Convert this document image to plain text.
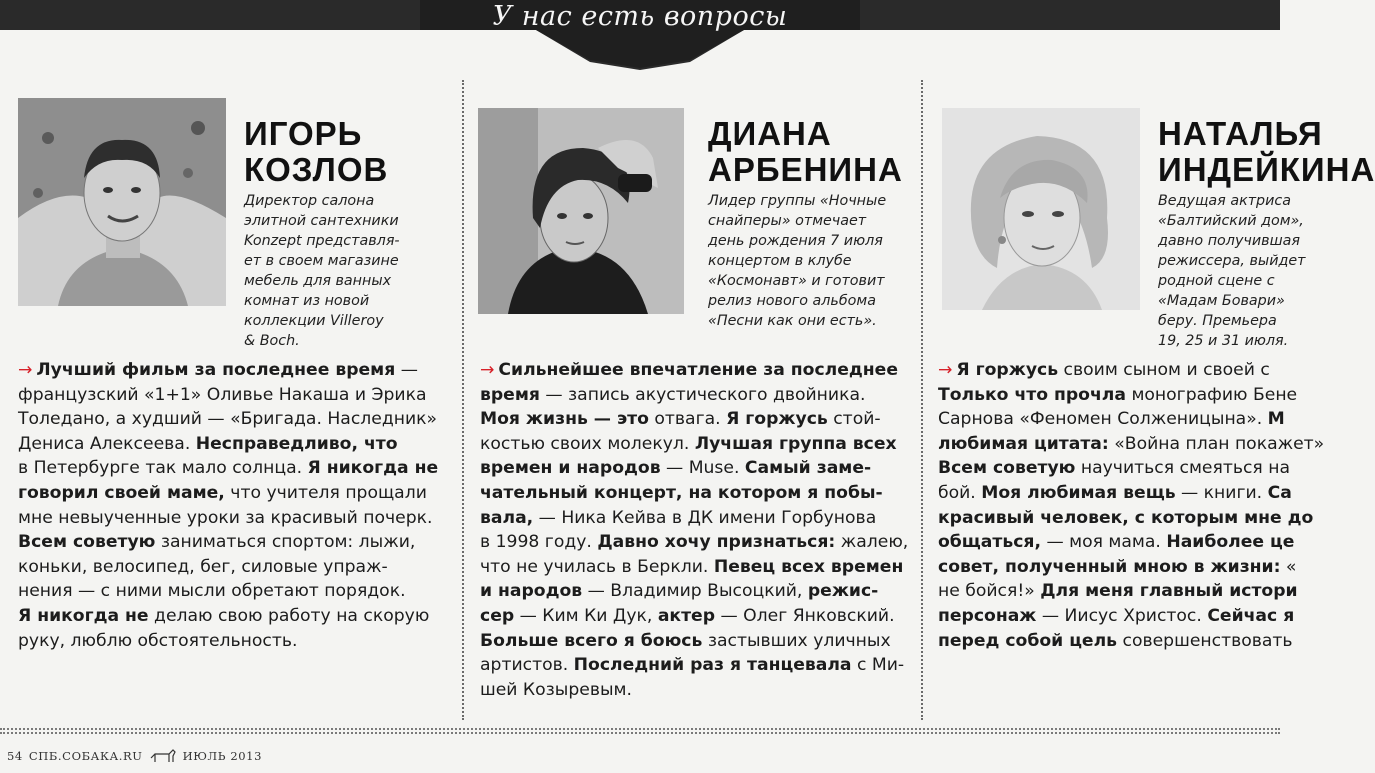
У нас есть вопросы
ИГОРЬ
КОЗЛОВ
Директор салона
элитной сантехники
Konzept представля-
ет в своем магазине
мебель для ванных
комнат из новой
коллекции Villeroy
& Boch.
→ Лучший фильм за последнее время —
французский «1+1» Оливье Накаша и Эрика
Толедано, а худший — «Бригада. Наследник»
Дениса Алексеева. Несправедливо, что
в Петербурге так мало солнца. Я никогда не
говорил своей маме, что учителя прощали
мне невыученные уроки за красивый почерк.
Всем советую заниматься спортом: лыжи,
коньки, велосипед, бег, силовые упраж-
нения — с ними мысли обретают порядок.
Я никогда не делаю свою работу на скорую
руку, люблю обстоятельность.
ДИАНА
АРБЕНИНА
Лидер группы «Ночные
снайперы» отмечает
день рождения 7 июля
концертом в клубе
«Космонавт» и готовит
релиз нового альбома
«Песни как они есть».
→ Сильнейшее впечатление за последнее
время — запись акустического двойника.
Моя жизнь — это отвага. Я горжусь стой-
костью своих молекул. Лучшая группа всех
времен и народов — Muse. Самый заме-
чательный концерт, на котором я побы-
вала, — Ника Кейва в ДК имени Горбунова
в 1998 году. Давно хочу признаться: жалею,
что не училась в Беркли. Певец всех времен
и народов — Владимир Высоцкий, режис-
сер — Ким Ки Дук, актер — Олег Янковский.
Больше всего я боюсь застывших уличных
артистов. Последний раз я танцевала с Ми-
шей Козыревым.
НАТАЛЬЯ
ИНДЕЙКИНА
Ведущая актриса
«Балтийский дом»,
давно получившая
режиссера, выйдет
родной сцене с
«Мадам Бовари»
беру. Премьера
19, 25 и 31 июля.
→ Я горжусь своим сыном и своей с
Только что прочла монографию Бене
Сарнова «Феномен Солженицына». М
любимая цитата: «Война план покажет»
Всем советую научиться смеяться на
бой. Моя любимая вещь — книги. Са
красивый человек, с которым мне до
общаться, — моя мама. Наиболее це
совет, полученный мною в жизни: «
не бойся!» Для меня главный истори
персонаж — Иисус Христос. Сейчас я
перед собой цель совершенствовать
54 СПБ.СОБАКА.RU	ИЮЛЬ 2013
